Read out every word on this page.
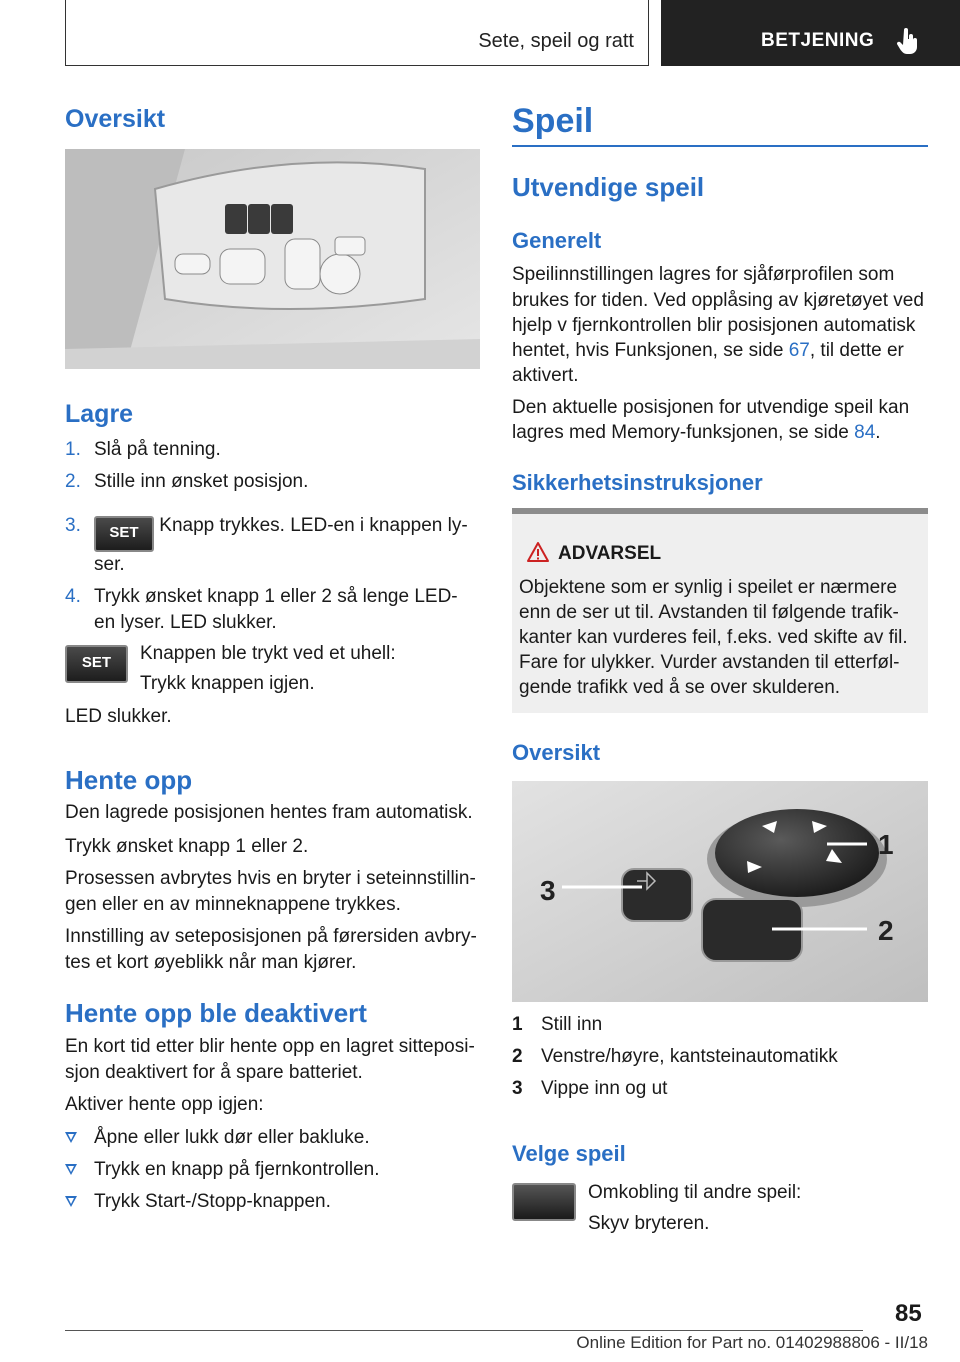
Sete, speil og ratt	BETJENING
Oversikt
Lagre
1. Slå på tenning.
2. Stille inn ønsket posisjon.
3. SET Knapp trykkes. LED-en i knappen ly-
ser.
4. Trykk ønsket knapp 1 eller 2 så lenge LED-
en lyser. LED slukker.
SET	Knappen ble trykt ved et uhell:

Trykk knappen igjen.

LED slukker.

Hente opp

Den lagrede posisjonen hentes fram automatisk.

Trykk ønsket knapp 1 eller 2.

Prosessen avbrytes hvis en bryter i seteinnstillin-

gen eller en av minneknappene trykkes.

Innstilling av seteposisjonen på førersiden avbry-

tes et kort øyeblikk når man kjører.

Hente opp ble deaktivert

En kort tid etter blir hente opp en lagret sitteposi-

sjon deaktivert for å spare batteriet.

Aktiver hente opp igjen:

Åpne eller lukk dør eller bakluke.
Trykk en knapp på fjernkontrollen.
Trykk Start-/Stopp-knappen.
Speil
Utvendige speil
Generelt

Speilinnstillingen lagres for sjåførprofilen som

brukes for tiden. Ved opplåsing av kjøretøyet ved

hjelp v fjernkontrollen blir posisjonen automatisk

hentet, hvis Funksjonen, se side 67, til dette er

aktivert.

Den aktuelle posisjonen for utvendige speil kan

lagres med Memory-funksjonen, se side 84.

Sikkerhetsinstruksjoner
ADVARSEL

Objektene som er synlig i speilet er nærmere

enn de ser ut til. Avstanden til følgende trafik-

kanter kan vurderes feil, f.eks. ved skifte av fil.

Fare for ulykker. Vurder avstanden til etterføl-

gende trafikk ved å se over skulderen.

Oversikt
3
1
2
1 Still inn
2 Venstre/høyre, kantsteinautomatikk
3 Vippe inn og ut
Velge speil

Omkobling til andre speil:

Skyv bryteren.

85
Online Edition for Part no. 01402988806 - II/18
